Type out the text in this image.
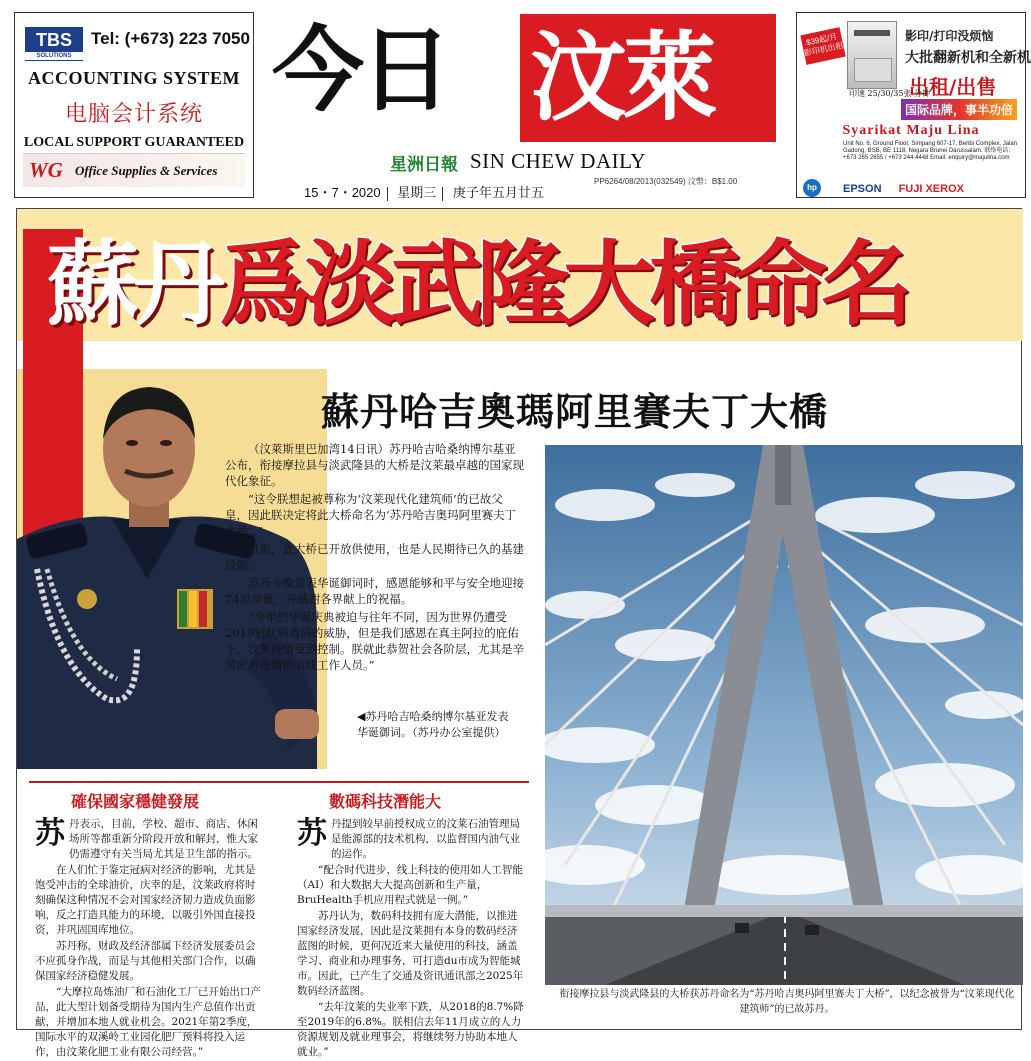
TBS
SOLUTIONS
Tel: (+673) 223 7050
ACCOUNTING SYSTEM
电脑会计系统
LOCAL SUPPORT GUARANTEED
WG Office Supplies & Services
今日 汶萊
星洲日報 SIN CHEW DAILY
15・7・2020 星期三 庚子年五月廿五
PP6264/08/2013(032549) 汶幣：B$1.00
$39起/月 影印机出租
影印/打印没烦恼
大批翻新机和全新机
出租/出售
印速 25/30/35张 分钟
国际品牌，事半功倍
Syarikat Maju Lina
Unit No. 6, Ground Floor, Simpang 607-17, Beribi Complex, Jalan Gadong, BSB, BE 1118, Negara Brunei Darussalam. 联络电话：+673 265 2655 / +673 244 4448 Email: enquiry@majulina.com
hp	EPSON FUJI XEROX
蘇丹爲淡武隆大橋命名
蘇丹哈吉奧瑪阿里賽夫丁大橋

（汶萊斯里巴加湾14日讯）苏丹哈吉哈桑纳博尔基亚公布，衔接摩拉县与淡武隆县的大桥是汶莱最卓越的国家现代化象征。

“这令朕想起被尊称为‘汶莱现代化建筑师’的已故父皇，因此朕决定将此大桥命名为‘苏丹哈吉奥玛阿里赛夫丁大桥’。”

目前，此大桥已开放供使用，也是人民期待已久的基建设施。

苏丹今晚发表华诞御词时，感恩能够和平与安全地迎接74岁华诞，并感谢各界献上的祝福。

“今年的华诞庆典被迫与往年不同，因为世界仍遭受2019冠状病毒病的威胁，但是我们感恩在真主阿拉的庇佑下，汶莱疫情受到控制。朕就此恭贺社会各阶层，尤其是辛劳应对疫情的前线工作人员。”

◀苏丹哈吉哈桑纳博尔基亚发表华诞御词。（苏丹办公室提供）
衔接摩拉县与淡武隆县的大桥获苏丹命名为“苏丹哈吉奥玛阿里赛夫丁大桥”，以纪念被誉为“汶莱现代化建筑师”的已故苏丹。
確保國家穩健發展	數碼科技潛能大

苏丹表示，目前，学校、超市、商店、休闲场所等都重新分阶段开放和解封，惟大家仍需遵守有关当局尤其是卫生部的指示。

在人们忙于鉴定冠病对经济的影响，尤其是饱受冲击的全球油价，庆幸的是，汶莱政府将时刻确保这种情况不会对国家经济韧力造成负面影响，反之打造具能力的环境，以吸引外国直接投资，并巩固国库地位。

苏丹称，财政及经济部属下经济发展委员会不应孤身作战，而是与其他相关部门合作，以确保国家经济稳健发展。

“大摩拉岛炼油厂和石油化工厂已开始出口产品，此大型计划备受期待为国内生产总值作出贡献，并增加本地人就业机会。2021年第2季度，国际水平的双溪岭工业园化肥厂预料将投入运作，由汶莱化肥工业有限公司经营。”

苏丹提到较早前授权成立的汶莱石油管理局是能源部的技术机构，以监督国内油气业的运作。

“配合时代进步，线上科技的使用如人工智能（AI）和大数据大大提高创新和生产量，BruHealth手机应用程式就是一例。”

苏丹认为，数码科技拥有庞大潜能，以推进国家经济发展，因此是汶莱拥有本身的数码经济蓝图的时候，更何况近来大量使用的科技，涵盖学习、商业和办理事务，可打造du市成为智能城市。因此，已产生了交通及资讯通讯部之2025年数码经济蓝图。

“去年汶莱的失业率下跌，从2018的8.7%降至2019年的6.8%。朕相信去年11月成立的人力资源规划及就业理事会，将继续努力协助本地人就业。”
